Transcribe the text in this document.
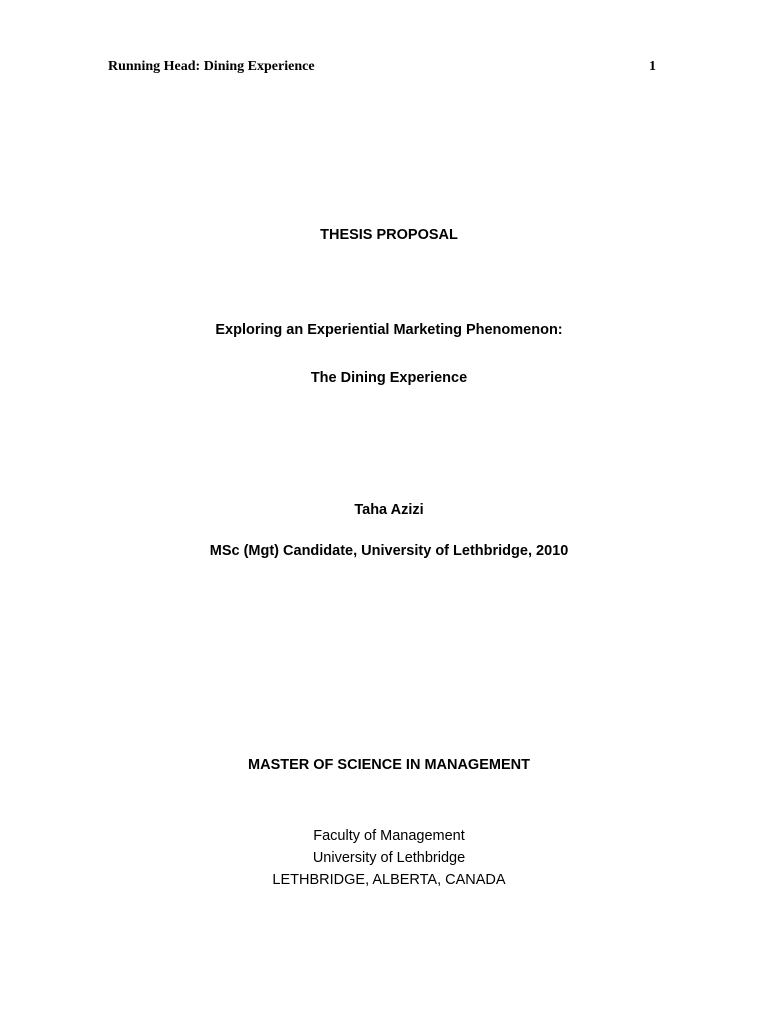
Running Head: Dining Experience	1
THESIS PROPOSAL
Exploring an Experiential Marketing Phenomenon:
The Dining Experience
Taha Azizi
MSc (Mgt) Candidate, University of Lethbridge, 2010
MASTER OF SCIENCE IN MANAGEMENT
Faculty of Management
University of Lethbridge
LETHBRIDGE, ALBERTA, CANADA
